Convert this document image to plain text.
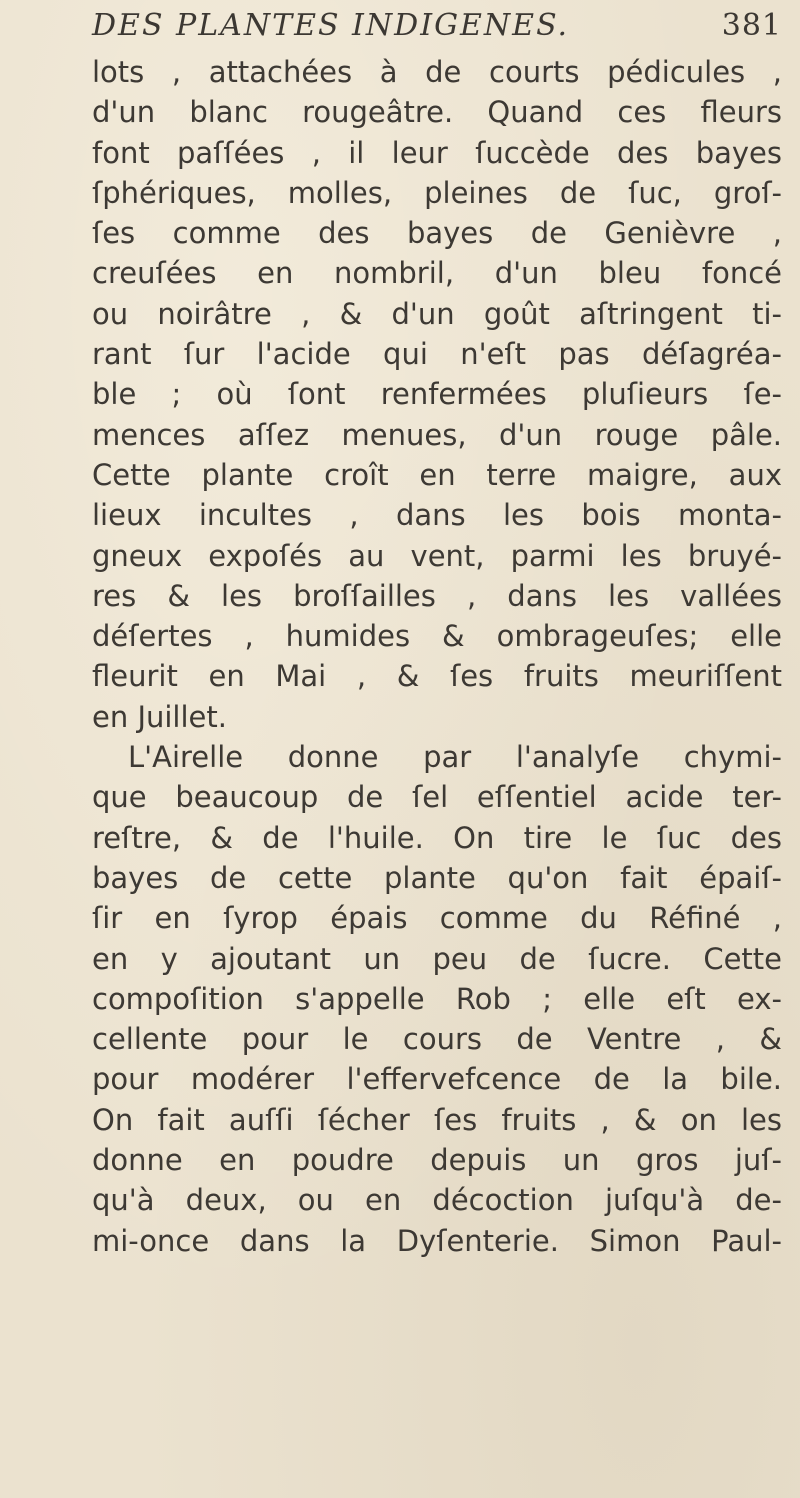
DES PLANTES INDIGENES.	381
lots , attachées à de courts pédicules ,
d'un blanc rougeâtre. Quand ces fleurs
font paſſées , il leur ſuccède des bayes
ſphériques, molles, pleines de ſuc, groſ-
ſes comme des bayes de Genièvre ,
creuſées en nombril, d'un bleu foncé
ou noirâtre , & d'un goût aſtringent ti-
rant ſur l'acide qui n'eſt pas déſagréa-
ble ; où ſont renfermées pluſieurs ſe-
mences aſſez menues, d'un rouge pâle.
Cette plante croît en terre maigre, aux
lieux incultes , dans les bois monta-
gneux expoſés au vent, parmi les bruyé-
res & les broſſailles , dans les vallées
déſertes , humides & ombrageuſes; elle
fleurit en Mai , & ſes fruits meuriſſent
en Juillet.
L'Airelle donne par l'analyſe chymi-
que beaucoup de ſel eſſentiel acide ter-
reſtre, & de l'huile. On tire le ſuc des
bayes de cette plante qu'on fait épaiſ-
ſir en ſyrop épais comme du Réfiné ,
en y ajoutant un peu de ſucre. Cette
compoſition s'appelle Rob ; elle eſt ex-
cellente pour le cours de Ventre , &
pour modérer l'effervefcence de la bile.
On fait auſſi ſécher ſes fruits , & on les
donne en poudre depuis un gros juſ-
qu'à deux, ou en décoction juſqu'à de-
mi-once dans la Dyſenterie. Simon Paul-
